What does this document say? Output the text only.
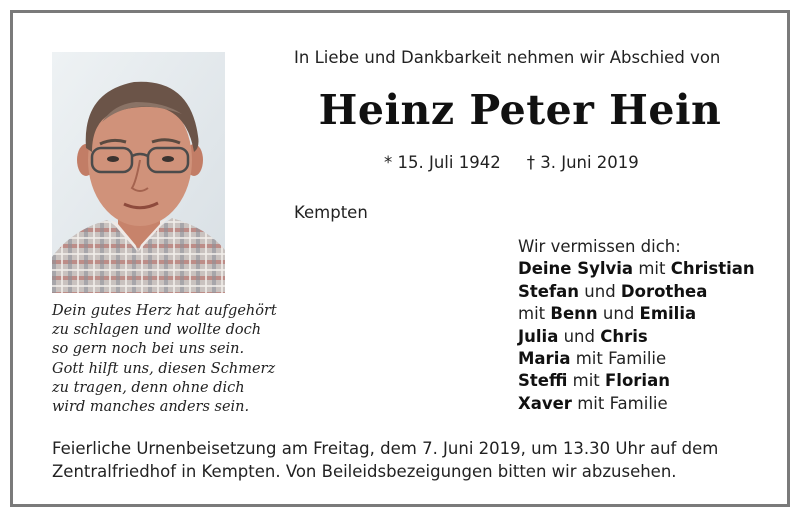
Dein gutes Herz hat aufgehört
zu schlagen und wollte doch
so gern noch bei uns sein.
Gott hilft uns, diesen Schmerz
zu tragen, denn ohne dich
wird manches anders sein.
In Liebe und Dankbarkeit nehmen wir Abschied von
Heinz Peter Hein
* 15. Juli 1942 † 3. Juni 2019
Kempten
Wir vermissen dich:
Deine Sylvia mit Christian
Stefan und Dorothea
mit Benn und Emilia
Julia und Chris
Maria mit Familie
Steffi mit Florian
Xaver mit Familie
Feierliche Urnenbeisetzung am Freitag, dem 7. Juni 2019, um 13.30 Uhr auf dem
Zentralfriedhof in Kempten. Von Beileidsbezeigungen bitten wir abzusehen.
